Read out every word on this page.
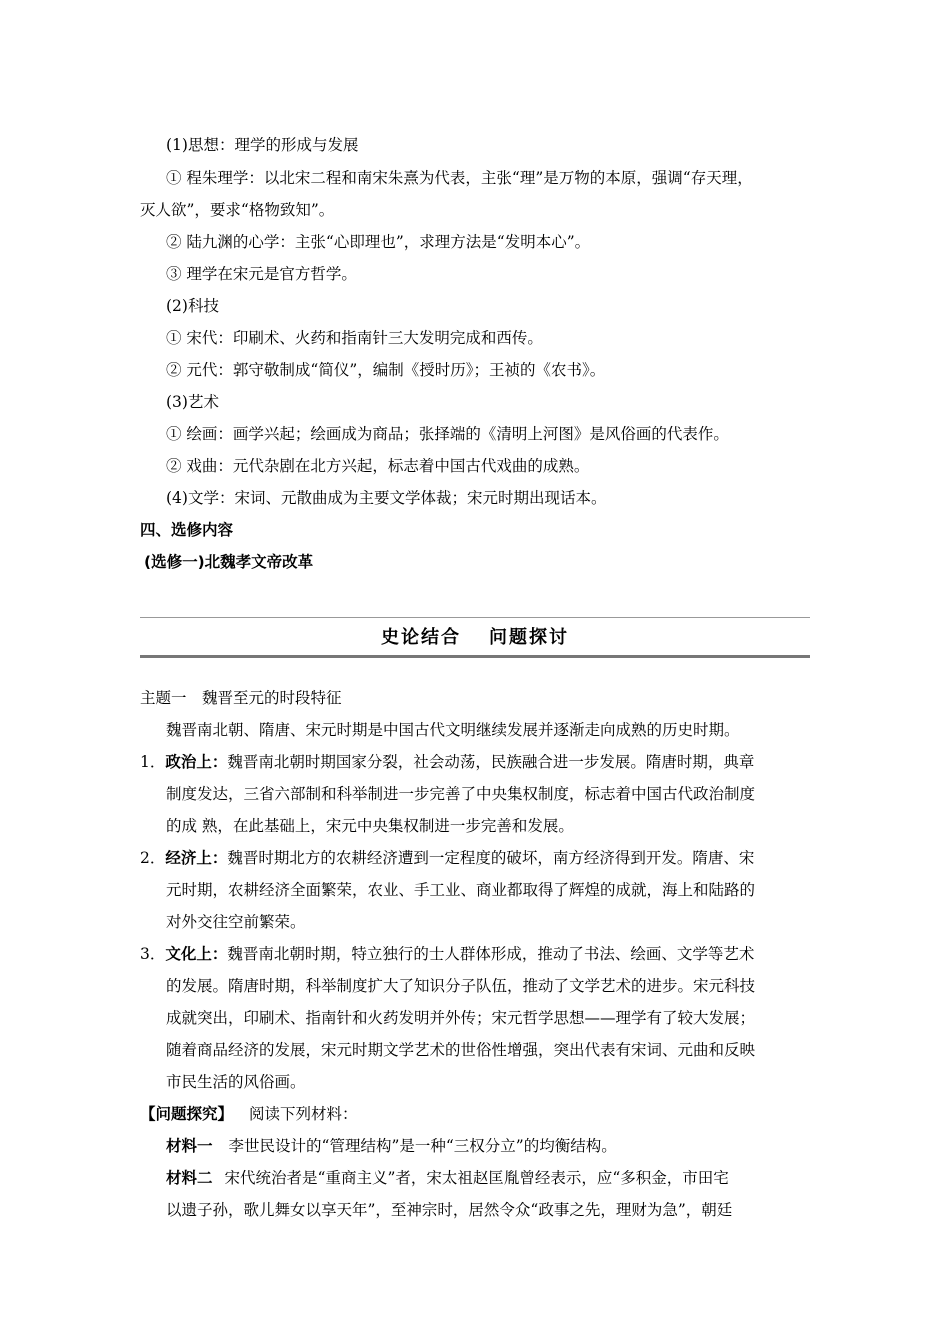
(1)思想：理学的形成与发展
① 程朱理学：以北宋二程和南宋朱熹为代表，主张“理”是万物的本原，强调“存天理，
灭人欲”，要求“格物致知”。
② 陆九渊的心学：主张“心即理也”，求理方法是“发明本心”。
③ 理学在宋元是官方哲学。
(2)科技
① 宋代：印刷术、火药和指南针三大发明完成和西传。
② 元代：郭守敬制成“简仪”，编制《授时历》；王祯的《农书》。
(3)艺术
① 绘画：画学兴起；绘画成为商品；张择端的《清明上河图》是风俗画的代表作。
② 戏曲：元代杂剧在北方兴起，标志着中国古代戏曲的成熟。
(4)文学：宋词、元散曲成为主要文学体裁；宋元时期出现话本。
四、选修内容
(选修一)北魏孝文帝改革
史论结合 问题探讨
主题一　魏晋至元的时段特征
魏晋南北朝、隋唐、宋元时期是中国古代文明继续发展并逐渐走向成熟的历史时期。
1．政治上：魏晋南北朝时期国家分裂，社会动荡，民族融合进一步发展。隋唐时期，典章
制度发达，三省六部制和科举制进一步完善了中央集权制度，标志着中国古代政治制度
的成 熟，在此基础上，宋元中央集权制进一步完善和发展。
2．经济上：魏晋时期北方的农耕经济遭到一定程度的破坏，南方经济得到开发。隋唐、宋
元时期，农耕经济全面繁荣，农业、手工业、商业都取得了辉煌的成就，海上和陆路的
对外交往空前繁荣。
3．文化上：魏晋南北朝时期，特立独行的士人群体形成，推动了书法、绘画、文学等艺术
的发展。隋唐时期，科举制度扩大了知识分子队伍，推动了文学艺术的进步。宋元科技
成就突出，印刷术、指南针和火药发明并外传；宋元哲学思想——理学有了较大发展；
随着商品经济的发展，宋元时期文学艺术的世俗性增强，突出代表有宋词、元曲和反映
市民生活的风俗画。
【问题探究】 阅读下列材料：
材料一 李世民设计的“管理结构”是一种“三权分立”的均衡结构。
材料二 宋代统治者是“重商主义”者，宋太祖赵匡胤曾经表示，应“多积金，市田宅
以遗子孙，歌儿舞女以享天年”，至神宗时，居然令众“政事之先，理财为急”，朝廷
